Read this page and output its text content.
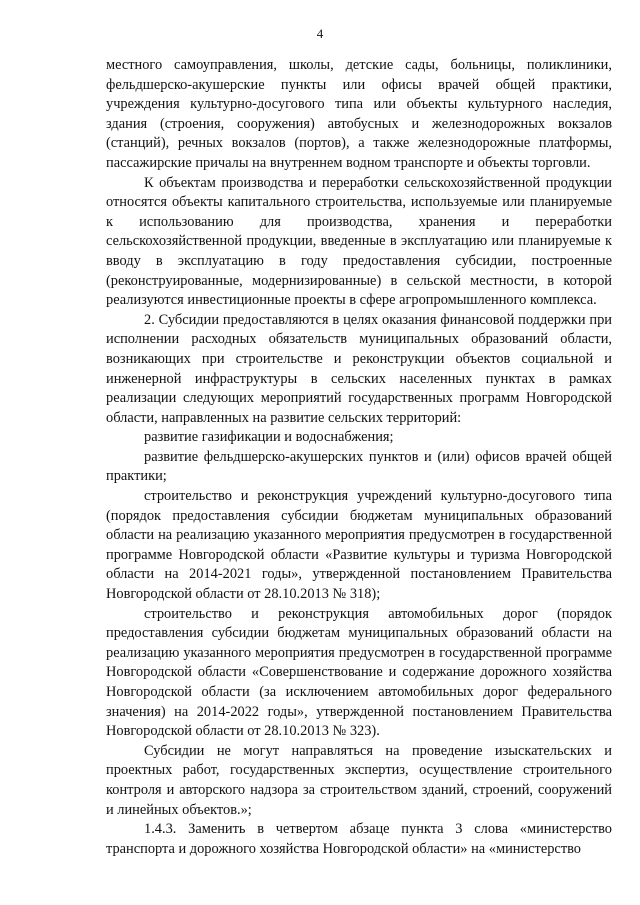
4

местного самоуправления, школы, детские сады, больницы, поликлиники, фельдшерско-акушерские пункты или офисы врачей общей практики, учреждения культурно-досугового типа или объекты культурного наследия, здания (строения, сооружения) автобусных и железнодорожных вокзалов (станций), речных вокзалов (портов), а также железнодорожные платформы, пассажирские причалы на внутреннем водном транспорте и объекты торговли.

К объектам производства и переработки сельскохозяйственной продукции относятся объекты капитального строительства, используемые или планируемые к использованию для производства, хранения и переработки сельскохозяйственной продукции, введенные в эксплуатацию или планируемые к вводу в эксплуатацию в году предоставления субсидии, построенные (реконструированные, модернизированные) в сельской местности, в которой реализуются инвестиционные проекты в сфере агропромышленного комплекса.

2. Субсидии предоставляются в целях оказания финансовой поддержки при исполнении расходных обязательств муниципальных образований области, возникающих при строительстве и реконструкции объектов социальной и инженерной инфраструктуры в сельских населенных пунктах в рамках реализации следующих мероприятий государственных программ Новгородской области, направленных на развитие сельских территорий:

развитие газификации и водоснабжения;

развитие фельдшерско-акушерских пунктов и (или) офисов врачей общей практики;

строительство и реконструкция учреждений культурно-досугового типа (порядок предоставления субсидии бюджетам муниципальных образований области на реализацию указанного мероприятия предусмотрен в государственной программе Новгородской области «Развитие культуры и туризма Новгородской области на 2014-2021 годы», утвержденной постановлением Правительства Новгородской области от 28.10.2013 № 318);

строительство и реконструкция автомобильных дорог (порядок предоставления субсидии бюджетам муниципальных образований области на реализацию указанного мероприятия предусмотрен в государственной программе Новгородской области «Совершенствование и содержание дорожного хозяйства Новгородской области (за исключением автомобильных дорог федерального значения) на 2014-2022 годы», утвержденной постановлением Правительства Новгородской области от 28.10.2013 № 323).

Субсидии не могут направляться на проведение изыскательских и проектных работ, государственных экспертиз, осуществление строительного контроля и авторского надзора за строительством зданий, строений, сооружений и линейных объектов.»;

1.4.3. Заменить в четвертом абзаце пункта 3 слова «министерство транспорта и дорожного хозяйства Новгородской области» на «министерство
